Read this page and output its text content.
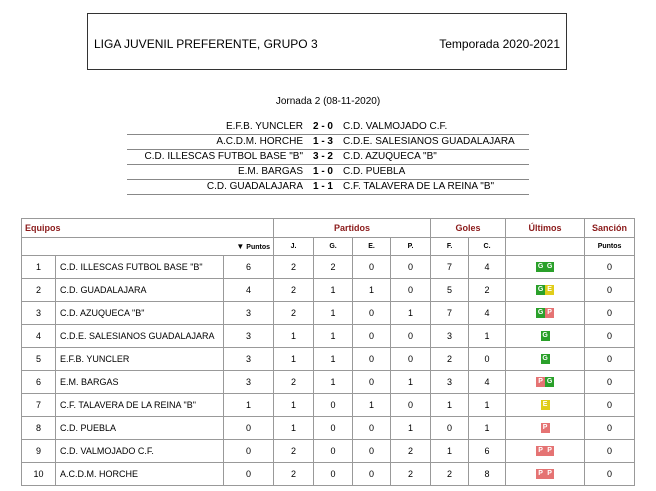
LIGA JUVENIL PREFERENTE, GRUPO 3	Temporada 2020-2021
Jornada 2 (08-11-2020)
E.F.B. YUNCLER	2 - 0	C.D. VALMOJADO C.F.
A.C.D.M. HORCHE	1 - 3	C.D.E. SALESIANOS GUADALAJARA
C.D. ILLESCAS FUTBOL BASE "B"	3 - 2	C.D. AZUQUECA "B"
E.M. BARGAS	1 - 0	C.D. PUEBLA
C.D. GUADALAJARA	1 - 1	C.F. TALAVERA DE LA REINA "B"
Equipos			Partidos				Goles		Últimos	Sanción
		▼ Puntos	J.	G.	E.	P.	F.	C.		Puntos
1	C.D. ILLESCAS FUTBOL BASE "B"	6	2	2	0	0	7	4	G G	0
2	C.D. GUADALAJARA	4	2	1	1	0	5	2	G E	0
3	C.D. AZUQUECA "B"	3	2	1	0	1	7	4	G P	0
4	C.D.E. SALESIANOS GUADALAJARA	3	1	1	0	0	3	1	G	0
5	E.F.B. YUNCLER	3	1	1	0	0	2	0	G	0
6	E.M. BARGAS	3	2	1	0	1	3	4	P G	0
7	C.F. TALAVERA DE LA REINA "B"	1	1	0	1	0	1	1	E	0
8	C.D. PUEBLA	0	1	0	0	1	0	1	P	0
9	C.D. VALMOJADO C.F.	0	2	0	0	2	1	6	P P	0
10	A.C.D.M. HORCHE	0	2	0	0	2	2	8	P P	0
